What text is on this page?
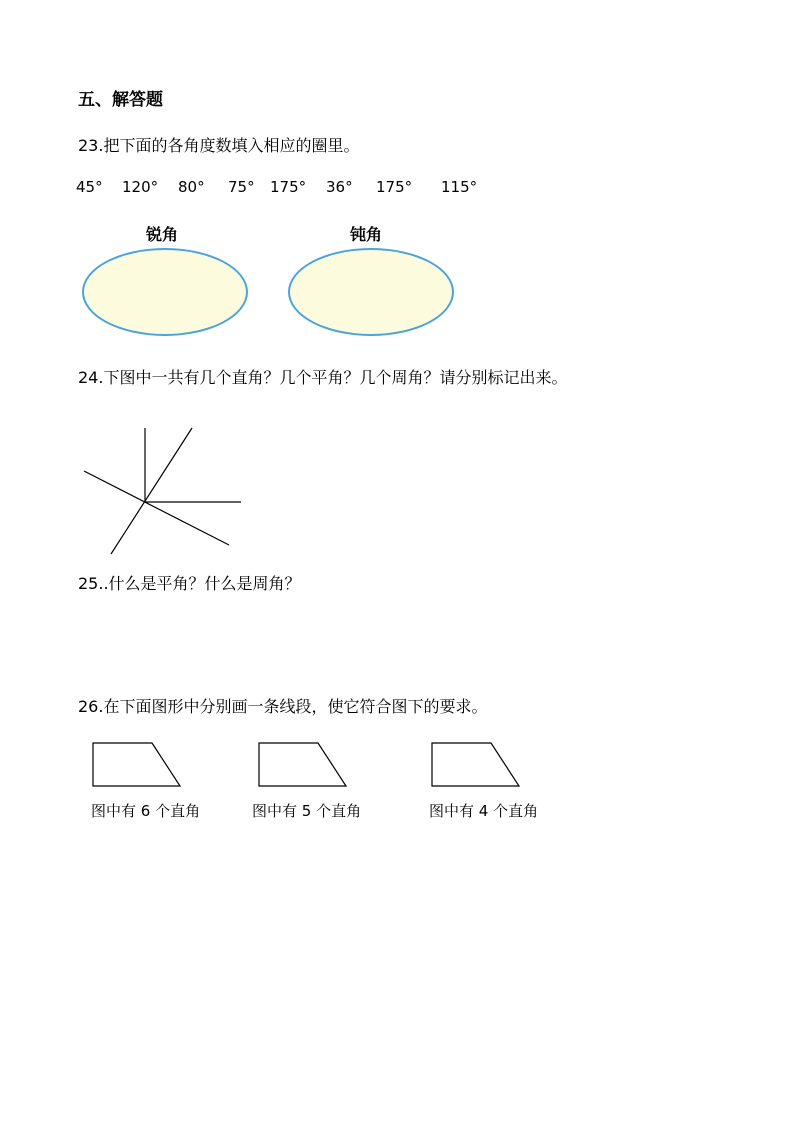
五、解答题
23.把下面的各角度数填入相应的圈里。
45° 120° 80° 75° 175° 36° 175° 115°
锐角	钝角
24.下图中一共有几个直角？几个平角？几个周角？请分别标记出来。
25..什么是平角？什么是周角？
26.在下面图形中分别画一条线段，使它符合图下的要求。
图中有 6 个直角	图中有 5 个直角	图中有 4 个直角
